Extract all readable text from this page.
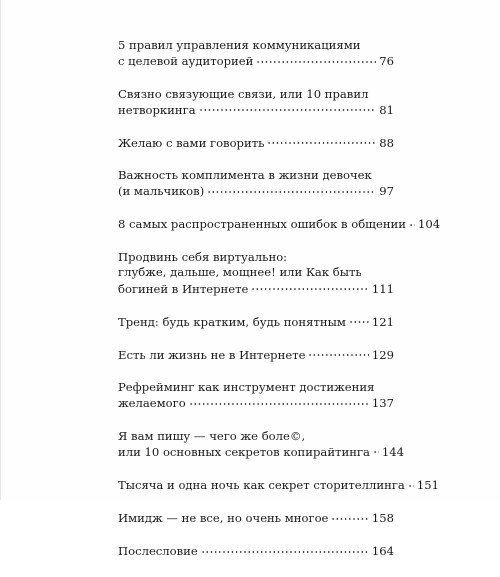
5 правил управления коммуникациями
с целевой аудиторией	76
Связно связующие связи, или 10 правил
нетворкинга	81
Желаю с вами говорить	88
Важность комплимента в жизни девочек
(и мальчиков)	97
8 самых распространенных ошибок в общении 104
Продвинь себя виртуально:
глубже, дальше, мощнее! или Как быть
богиней в Интернете	111
Тренд: будь кратким, будь понятным 121
Есть ли жизнь не в Интернете	129
Рефрейминг как инструмент достижения
желаемого	137
Я вам пишу — чего же боле©,
или 10 основных секретов копирайтинга 144
Тысяча и одна ночь как секрет сторителлинга 151
Имидж — не все, но очень многое	158
Послесловие	164
